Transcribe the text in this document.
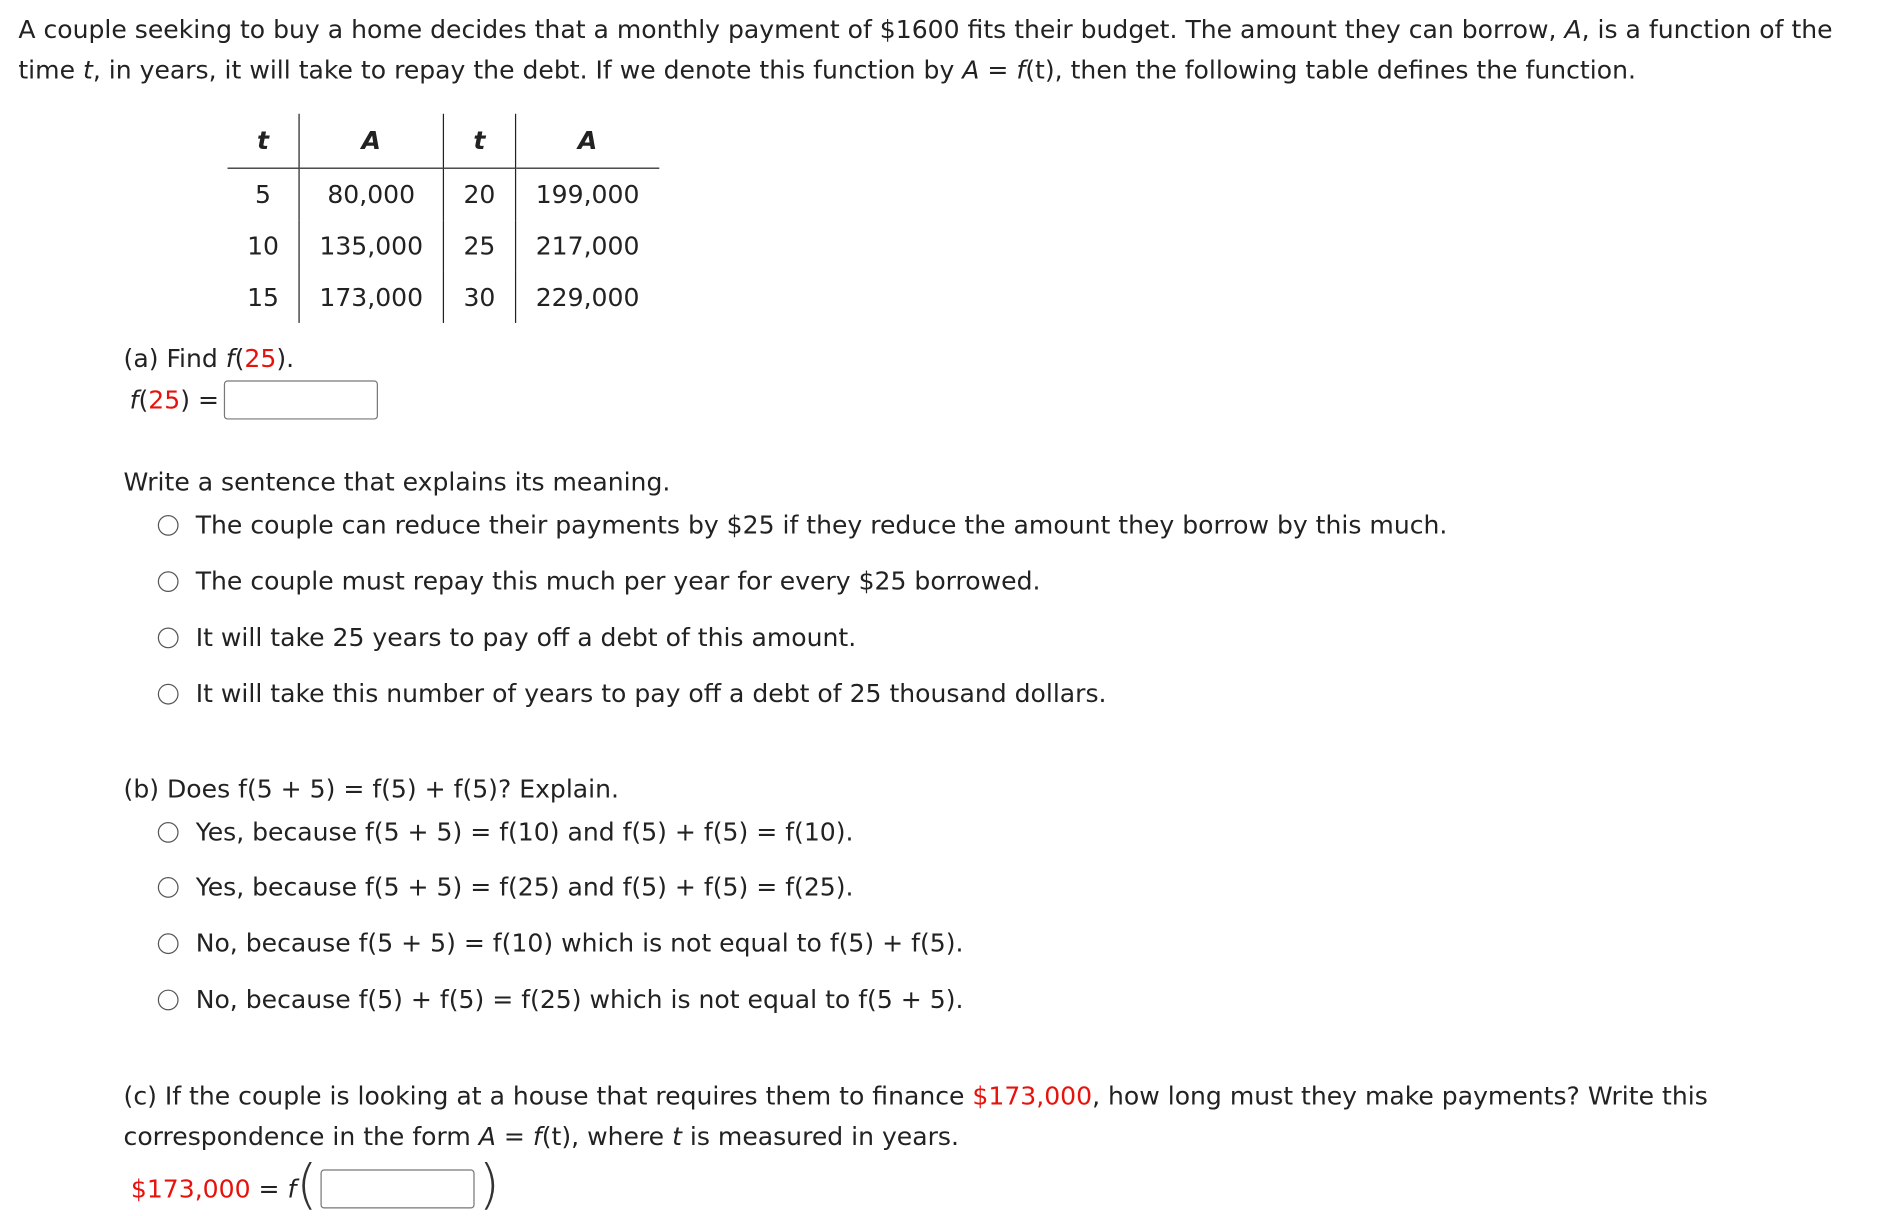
A couple seeking to buy a home decides that a monthly payment of $1600 fits their budget. The amount they can borrow, A, is a function of the time t, in years, it will take to repay the debt. If we denote this function by A = f(t), then the following table defines the function.
t	A	t	A
5	80,000	20	199,000
10	135,000	25	217,000
15	173,000	30	229,000
(a) Find f(25).
f(25) =
Write a sentence that explains its meaning.
The couple can reduce their payments by $25 if they reduce the amount they borrow by this much.
The couple must repay this much per year for every $25 borrowed.
It will take 25 years to pay off a debt of this amount.
It will take this number of years to pay off a debt of 25 thousand dollars.
(b) Does f(5 + 5) = f(5) + f(5)? Explain.
Yes, because f(5 + 5) = f(10) and f(5) + f(5) = f(10).
Yes, because f(5 + 5) = f(25) and f(5) + f(5) = f(25).
No, because f(5 + 5) = f(10) which is not equal to f(5) + f(5).
No, because f(5) + f(5) = f(25) which is not equal to f(5 + 5).
(c) If the couple is looking at a house that requires them to finance $173,000, how long must they make payments? Write this correspondence in the form A = f(t), where t is measured in years.
$173,000 = f (	)
